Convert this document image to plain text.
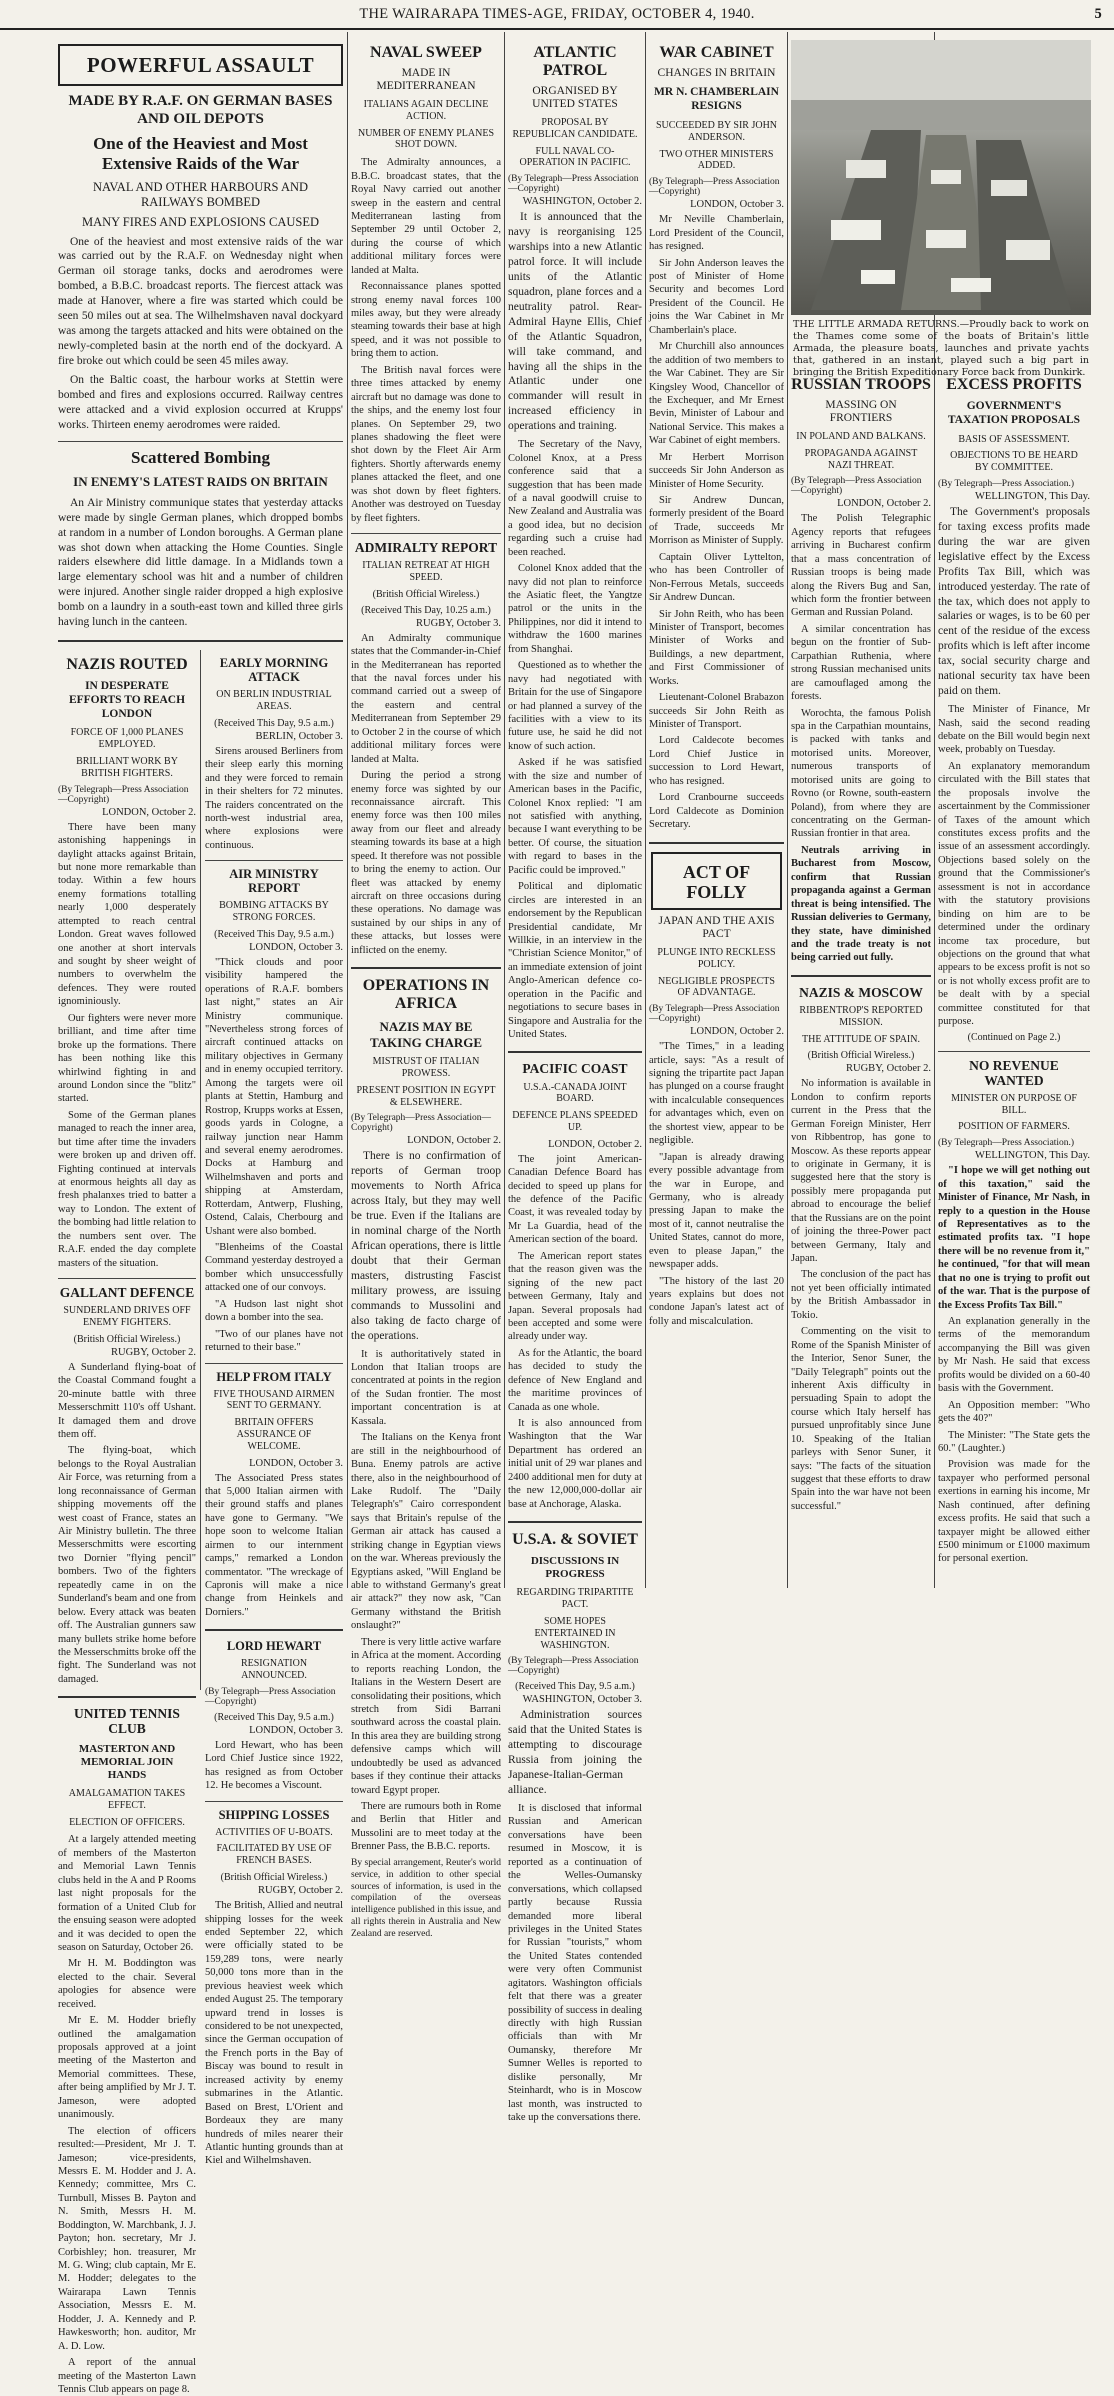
THE WAIRARAPA TIMES-AGE, FRIDAY, OCTOBER 4, 1940.	5
POWERFUL ASSAULT
MADE BY R.A.F. ON GERMAN BASES AND OIL DEPOTS
One of the Heaviest and Most Extensive Raids of the War
NAVAL AND OTHER HARBOURS AND RAILWAYS BOMBED
MANY FIRES AND EXPLOSIONS CAUSED

One of the heaviest and most extensive raids of the war was carried out by the R.A.F. on Wednesday night when German oil storage tanks, docks and aerodromes were bombed, a B.B.C. broadcast reports. The fiercest attack was made at Hanover, where a fire was started which could be seen 50 miles out at sea. The Wilhelmshaven naval dockyard was among the targets attacked and hits were obtained on the newly-completed basin at the north end of the dockyard. A fire broke out which could be seen 45 miles away.

On the Baltic coast, the harbour works at Stettin were bombed and fires and explosions occurred. Railway centres were attacked and a vivid explosion occurred at Krupps' works. Thirteen enemy aerodromes were raided.

Scattered Bombing
IN ENEMY'S LATEST RAIDS ON BRITAIN

An Air Ministry communique states that yesterday attacks were made by single German planes, which dropped bombs at random in a number of London boroughs. A German plane was shot down when attacking the Home Counties. Single raiders elsewhere did little damage. In a Midlands town a large elementary school was hit and a number of children were injured. Another single raider dropped a high explosive bomb on a laundry in a south-east town and killed three girls having lunch in the canteen.

NAZIS ROUTED
IN DESPERATE EFFORTS TO REACH LONDON
FORCE OF 1,000 PLANES EMPLOYED.
BRILLIANT WORK BY BRITISH FIGHTERS.
(By Telegraph—Press Association—Copyright)
LONDON, October 2.

There have been many astonishing happenings in daylight attacks against Britain, but none more remarkable than today. Within a few hours enemy formations totalling nearly 1,000 desperately attempted to reach central London. Great waves followed one another at short intervals and sought by sheer weight of numbers to overwhelm the defences. They were routed ignominiously.

Our fighters were never more brilliant, and time after time broke up the formations. There has been nothing like this whirlwind fighting in and around London since the "blitz" started.

Some of the German planes managed to reach the inner area, but time after time the invaders were broken up and driven off. Fighting continued at intervals at enormous heights all day as fresh phalanxes tried to batter a way to London. The extent of the bombing had little relation to the numbers sent over. The R.A.F. ended the day complete masters of the situation.

GALLANT DEFENCE
SUNDERLAND DRIVES OFF ENEMY FIGHTERS.
(British Official Wireless.)
RUGBY, October 2.

A Sunderland flying-boat of the Coastal Command fought a 20-minute battle with three Messerschmitt 110's off Ushant. It damaged them and drove them off.

The flying-boat, which belongs to the Royal Australian Air Force, was returning from a long reconnaissance of German shipping movements off the west coast of France, states an Air Ministry bulletin. The three Messerschmitts were escorting two Dornier "flying pencil" bombers. Two of the fighters repeatedly came in on the Sunderland's beam and one from below. Every attack was beaten off. The Australian gunners saw many bullets strike home before the Messerschmitts broke off the fight. The Sunderland was not damaged.

UNITED TENNIS CLUB
MASTERTON AND MEMORIAL JOIN HANDS
AMALGAMATION TAKES EFFECT.
ELECTION OF OFFICERS.

At a largely attended meeting of members of the Masterton and Memorial Lawn Tennis clubs held in the A and P Rooms last night proposals for the formation of a United Club for the ensuing season were adopted and it was decided to open the season on Saturday, October 26.

Mr H. M. Boddington was elected to the chair. Several apologies for absence were received.

Mr E. M. Hodder briefly outlined the amalgamation proposals approved at a joint meeting of the Masterton and Memorial committees. These, after being amplified by Mr J. T. Jameson, were adopted unanimously.

The election of officers resulted:—President, Mr J. T. Jameson; vice-presidents, Messrs E. M. Hodder and J. A. Kennedy; committee, Mrs C. Turnbull, Misses B. Payton and N. Smith, Messrs H. M. Boddington, W. Marchbank, J. J. Payton; hon. secretary, Mr J. Corbishley; hon. treasurer, Mr M. G. Wing; club captain, Mr E. M. Hodder; delegates to the Wairarapa Lawn Tennis Association, Messrs E. M. Hodder, J. A. Kennedy and P. Hawkesworth; hon. auditor, Mr A. D. Low.

A report of the annual meeting of the Masterton Lawn Tennis Club appears on page 8.

EARLY MORNING ATTACK
ON BERLIN INDUSTRIAL AREAS.
(Received This Day, 9.5 a.m.)
BERLIN, October 3.

Sirens aroused Berliners from their sleep early this morning and they were forced to remain in their shelters for 72 minutes. The raiders concentrated on the north-west industrial area, where explosions were continuous.

AIR MINISTRY REPORT
BOMBING ATTACKS BY STRONG FORCES.
(Received This Day, 9.5 a.m.)
LONDON, October 3.

"Thick clouds and poor visibility hampered the operations of R.A.F. bombers last night," states an Air Ministry communique. "Nevertheless strong forces of aircraft continued attacks on military objectives in Germany and in enemy occupied territory. Among the targets were oil plants at Stettin, Hamburg and Rostrop, Krupps works at Essen, goods yards in Cologne, a railway junction near Hamm and several enemy aerodromes. Docks at Hamburg and Wilhelmshaven and ports and shipping at Amsterdam, Rotterdam, Antwerp, Flushing, Ostend, Calais, Cherbourg and Ushant were also bombed.

"Blenheims of the Coastal Command yesterday destroyed a bomber which unsuccessfully attacked one of our convoys.

"A Hudson last night shot down a bomber into the sea.

"Two of our planes have not returned to their base."

HELP FROM ITALY
FIVE THOUSAND AIRMEN SENT TO GERMANY.
BRITAIN OFFERS ASSURANCE OF WELCOME.
LONDON, October 3.

The Associated Press states that 5,000 Italian airmen with their ground staffs and planes have gone to Germany. "We hope soon to welcome Italian airmen to our internment camps," remarked a London commentator. "The wreckage of Capronis will make a nice change from Heinkels and Dorniers."

LORD HEWART
RESIGNATION ANNOUNCED.
(By Telegraph—Press Association—Copyright)
(Received This Day, 9.5 a.m.)
LONDON, October 3.

Lord Hewart, who has been Lord Chief Justice since 1922, has resigned as from October 12. He becomes a Viscount.

SHIPPING LOSSES
ACTIVITIES OF U-BOATS.
FACILITATED BY USE OF FRENCH BASES.
(British Official Wireless.)
RUGBY, October 2.

The British, Allied and neutral shipping losses for the week ended September 22, which were officially stated to be 159,289 tons, were nearly 50,000 tons more than in the previous heaviest week which ended August 25. The temporary upward trend in losses is considered to be not unexpected, since the German occupation of the French ports in the Bay of Biscay was bound to result in increased activity by enemy submarines in the Atlantic. Based on Brest, L'Orient and Bordeaux they are many hundreds of miles nearer their Atlantic hunting grounds than at Kiel and Wilhelmshaven.

NAVAL SWEEP
MADE IN MEDITERRANEAN
ITALIANS AGAIN DECLINE ACTION.
NUMBER OF ENEMY PLANES SHOT DOWN.

The Admiralty announces, a B.B.C. broadcast states, that the Royal Navy carried out another sweep in the eastern and central Mediterranean lasting from September 29 until October 2, during the course of which additional military forces were landed at Malta.

Reconnaissance planes spotted strong enemy naval forces 100 miles away, but they were already steaming towards their base at high speed, and it was not possible to bring them to action.

The British naval forces were three times attacked by enemy aircraft but no damage was done to the ships, and the enemy lost four planes. On September 29, two planes shadowing the fleet were shot down by the Fleet Air Arm fighters. Shortly afterwards enemy planes attacked the fleet, and one was shot down by fleet fighters. Another was destroyed on Tuesday by fleet fighters.

ADMIRALTY REPORT
ITALIAN RETREAT AT HIGH SPEED.
(British Official Wireless.)
(Received This Day, 10.25 a.m.)
RUGBY, October 3.

An Admiralty communique states that the Commander-in-Chief in the Mediterranean has reported that the naval forces under his command carried out a sweep of the eastern and central Mediterranean from September 29 to October 2 in the course of which additional military forces were landed at Malta.

During the period a strong enemy force was sighted by our reconnaissance aircraft. This enemy force was then 100 miles away from our fleet and already steaming towards its base at a high speed. It therefore was not possible to bring the enemy to action. Our fleet was attacked by enemy aircraft on three occasions during these operations. No damage was sustained by our ships in any of these attacks, but losses were inflicted on the enemy.

OPERATIONS IN AFRICA
NAZIS MAY BE TAKING CHARGE
MISTRUST OF ITALIAN PROWESS.
PRESENT POSITION IN EGYPT & ELSEWHERE.
(By Telegraph—Press Association—Copyright)
LONDON, October 2.

There is no confirmation of reports of German troop movements to North Africa across Italy, but they may well be true. Even if the Italians are in nominal charge of the North African operations, there is little doubt that their German masters, distrusting Fascist military prowess, are issuing commands to Mussolini and also taking de facto charge of the operations.

It is authoritatively stated in London that Italian troops are concentrated at points in the region of the Sudan frontier. The most important concentration is at Kassala.

The Italians on the Kenya front are still in the neighbourhood of Buna. Enemy patrols are active there, also in the neighbourhood of Lake Rudolf. The "Daily Telegraph's" Cairo correspondent says that Britain's repulse of the German air attack has caused a striking change in Egyptian views on the war. Whereas previously the Egyptians asked, "Will England be able to withstand Germany's great air attack?" they now ask, "Can Germany withstand the British onslaught?"

There is very little active warfare in Africa at the moment. According to reports reaching London, the Italians in the Western Desert are consolidating their positions, which stretch from Sidi Barrani southward across the coastal plain. In this area they are building strong defensive camps which will undoubtedly be used as advanced bases if they continue their attacks toward Egypt proper.

There are rumours both in Rome and Berlin that Hitler and Mussolini are to meet today at the Brenner Pass, the B.B.C. reports.

By special arrangement, Reuter's world service, in addition to other special sources of information, is used in the compilation of the overseas intelligence published in this issue, and all rights therein in Australia and New Zealand are reserved.
ATLANTIC PATROL
ORGANISED BY UNITED STATES
PROPOSAL BY REPUBLICAN CANDIDATE.
FULL NAVAL CO-OPERATION IN PACIFIC.
(By Telegraph—Press Association—Copyright)
WASHINGTON, October 2.

It is announced that the navy is reorganising 125 warships into a new Atlantic patrol force. It will include units of the Atlantic squadron, plane forces and a neutrality patrol. Rear-Admiral Hayne Ellis, Chief of the Atlantic Squadron, will take command, and having all the ships in the Atlantic under one commander will result in increased efficiency in operations and training.

The Secretary of the Navy, Colonel Knox, at a Press conference said that a suggestion that has been made of a naval goodwill cruise to New Zealand and Australia was a good idea, but no decision regarding such a cruise had been reached.

Colonel Knox added that the navy did not plan to reinforce the Asiatic fleet, the Yangtze patrol or the units in the Philippines, nor did it intend to withdraw the 1600 marines from Shanghai.

Questioned as to whether the navy had negotiated with Britain for the use of Singapore or had planned a survey of the facilities with a view to its future use, he said he did not know of such action.

Asked if he was satisfied with the size and number of American bases in the Pacific, Colonel Knox replied: "I am not satisfied with anything, because I want everything to be better. Of course, the situation with regard to bases in the Pacific could be improved."

Political and diplomatic circles are interested in an endorsement by the Republican Presidential candidate, Mr Willkie, in an interview in the "Christian Science Monitor," of an immediate extension of joint Anglo-American defence co-operation in the Pacific and negotiations to secure bases in Singapore and Australia for the United States.

PACIFIC COAST
U.S.A.-CANADA JOINT BOARD.
DEFENCE PLANS SPEEDED UP.
LONDON, October 2.

The joint American-Canadian Defence Board has decided to speed up plans for the defence of the Pacific Coast, it was revealed today by Mr La Guardia, head of the American section of the board.

The American report states that the reason given was the signing of the new pact between Germany, Italy and Japan. Several proposals had been accepted and some were already under way.

As for the Atlantic, the board has decided to study the defence of New England and the maritime provinces of Canada as one whole.

It is also announced from Washington that the War Department has ordered an initial unit of 29 war planes and 2400 additional men for duty at the new 12,000,000-dollar air base at Anchorage, Alaska.

U.S.A. & SOVIET
DISCUSSIONS IN PROGRESS
REGARDING TRIPARTITE PACT.
SOME HOPES ENTERTAINED IN WASHINGTON.
(By Telegraph—Press Association—Copyright)
(Received This Day, 9.5 a.m.)
WASHINGTON, October 3.

Administration sources said that the United States is attempting to discourage Russia from joining the Japanese-Italian-German alliance.

It is disclosed that informal Russian and American conversations have been resumed in Moscow, it is reported as a continuation of the Welles-Oumansky conversations, which collapsed partly because Russia demanded more liberal privileges in the United States for Russian "tourists," whom the United States contended were very often Communist agitators. Washington officials felt that there was a greater possibility of success in dealing directly with high Russian officials than with Mr Oumansky, therefore Mr Sumner Welles is reported to dislike personally, Mr Steinhardt, who is in Moscow last month, was instructed to take up the conversations there.

WAR CABINET
CHANGES IN BRITAIN
MR N. CHAMBERLAIN RESIGNS
SUCCEEDED BY SIR JOHN ANDERSON.
TWO OTHER MINISTERS ADDED.
(By Telegraph—Press Association—Copyright)
LONDON, October 3.

Mr Neville Chamberlain, Lord President of the Council, has resigned.

Sir John Anderson leaves the post of Minister of Home Security and becomes Lord President of the Council. He joins the War Cabinet in Mr Chamberlain's place.

Mr Churchill also announces the addition of two members to the War Cabinet. They are Sir Kingsley Wood, Chancellor of the Exchequer, and Mr Ernest Bevin, Minister of Labour and National Service. This makes a War Cabinet of eight members.

Mr Herbert Morrison succeeds Sir John Anderson as Minister of Home Security.

Sir Andrew Duncan, formerly president of the Board of Trade, succeeds Mr Morrison as Minister of Supply.

Captain Oliver Lyttelton, who has been Controller of Non-Ferrous Metals, succeeds Sir Andrew Duncan.

Sir John Reith, who has been Minister of Transport, becomes Minister of Works and Buildings, a new department, and First Commissioner of Works.

Lieutenant-Colonel Brabazon succeeds Sir John Reith as Minister of Transport.

Lord Caldecote becomes Lord Chief Justice in succession to Lord Hewart, who has resigned.

Lord Cranbourne succeeds Lord Caldecote as Dominion Secretary.

ACT OF FOLLY
JAPAN AND THE AXIS PACT
PLUNGE INTO RECKLESS POLICY.
NEGLIGIBLE PROSPECTS OF ADVANTAGE.
(By Telegraph—Press Association—Copyright)
LONDON, October 2.

"The Times," in a leading article, says: "As a result of signing the tripartite pact Japan has plunged on a course fraught with incalculable consequences for advantages which, even on the shortest view, appear to be negligible.

"Japan is already drawing every possible advantage from the war in Europe, and Germany, who is already pressing Japan to make the most of it, cannot neutralise the United States, cannot do more, even to please Japan," the newspaper adds.

"The history of the last 20 years explains but does not condone Japan's latest act of folly and miscalculation.

THE LITTLE ARMADA RETURNS.—Proudly back to work on the Thames come some of the boats of Britain's little Armada, the pleasure boats, launches and private yachts that, gathered in an instant, played such a big part in bringing the British Expeditionary Force back from Dunkirk.
RUSSIAN TROOPS
MASSING ON FRONTIERS
IN POLAND AND BALKANS.
PROPAGANDA AGAINST NAZI THREAT.
(By Telegraph—Press Association—Copyright)
LONDON, October 2.

The Polish Telegraphic Agency reports that refugees arriving in Bucharest confirm that a mass concentration of Russian troops is being made along the Rivers Bug and San, which form the frontier between German and Russian Poland.

A similar concentration has begun on the frontier of Sub-Carpathian Ruthenia, where strong Russian mechanised units are camouflaged among the forests.

Worochta, the famous Polish spa in the Carpathian mountains, is packed with tanks and motorised units. Moreover, numerous transports of motorised units are going to Rovno (or Rowne, south-eastern Poland), from where they are concentrating on the German-Russian frontier in that area.

Neutrals arriving in Bucharest from Moscow, confirm that Russian propaganda against a German threat is being intensified. The Russian deliveries to Germany, they state, have diminished and the trade treaty is not being carried out fully.

NAZIS & MOSCOW
RIBBENTROP'S REPORTED MISSION.
THE ATTITUDE OF SPAIN.
(British Official Wireless.)
RUGBY, October 2.

No information is available in London to confirm reports current in the Press that the German Foreign Minister, Herr von Ribbentrop, has gone to Moscow. As these reports appear to originate in Germany, it is suggested here that the story is possibly mere propaganda put abroad to encourage the belief that the Russians are on the point of joining the three-Power pact between Germany, Italy and Japan.

The conclusion of the pact has not yet been officially intimated by the British Ambassador in Tokio.

Commenting on the visit to Rome of the Spanish Minister of the Interior, Senor Suner, the "Daily Telegraph" points out the inherent Axis difficulty in persuading Spain to adopt the course which Italy herself has pursued unprofitably since June 10. Speaking of the Italian parleys with Senor Suner, it says: "The facts of the situation suggest that these efforts to draw Spain into the war have not been successful."

EXCESS PROFITS
GOVERNMENT'S TAXATION PROPOSALS
BASIS OF ASSESSMENT.
OBJECTIONS TO BE HEARD BY COMMITTEE.
(By Telegraph—Press Association.)
WELLINGTON, This Day.

The Government's proposals for taxing excess profits made during the war are given legislative effect by the Excess Profits Tax Bill, which was introduced yesterday. The rate of the tax, which does not apply to salaries or wages, is to be 60 per cent of the residue of the excess profits which is left after income tax, social security charge and national security tax have been paid on them.

The Minister of Finance, Mr Nash, said the second reading debate on the Bill would begin next week, probably on Tuesday.

An explanatory memorandum circulated with the Bill states that the proposals involve the ascertainment by the Commissioner of Taxes of the amount which constitutes excess profits and the issue of an assessment accordingly. Objections based solely on the ground that the Commissioner's assessment is not in accordance with the statutory provisions binding on him are to be determined under the ordinary income tax procedure, but objections on the ground that what appears to be excess profit is not so or is not wholly excess profit are to be dealt with by a special committee constituted for that purpose.

(Continued on Page 2.)
NO REVENUE WANTED
MINISTER ON PURPOSE OF BILL.
POSITION OF FARMERS.
(By Telegraph—Press Association.)
WELLINGTON, This Day.

"I hope we will get nothing out of this taxation," said the Minister of Finance, Mr Nash, in reply to a question in the House of Representatives as to the estimated profits tax. "I hope there will be no revenue from it," he continued, "for that will mean that no one is trying to profit out of the war. That is the purpose of the Excess Profits Tax Bill."

An explanation generally in the terms of the memorandum accompanying the Bill was given by Mr Nash. He said that excess profits would be divided on a 60-40 basis with the Government.

An Opposition member: "Who gets the 40?"

The Minister: "The State gets the 60." (Laughter.)

Provision was made for the taxpayer who performed personal exertions in earning his income, Mr Nash continued, after defining excess profits. He said that such a taxpayer might be allowed either £500 minimum or £1000 maximum for personal exertion.
